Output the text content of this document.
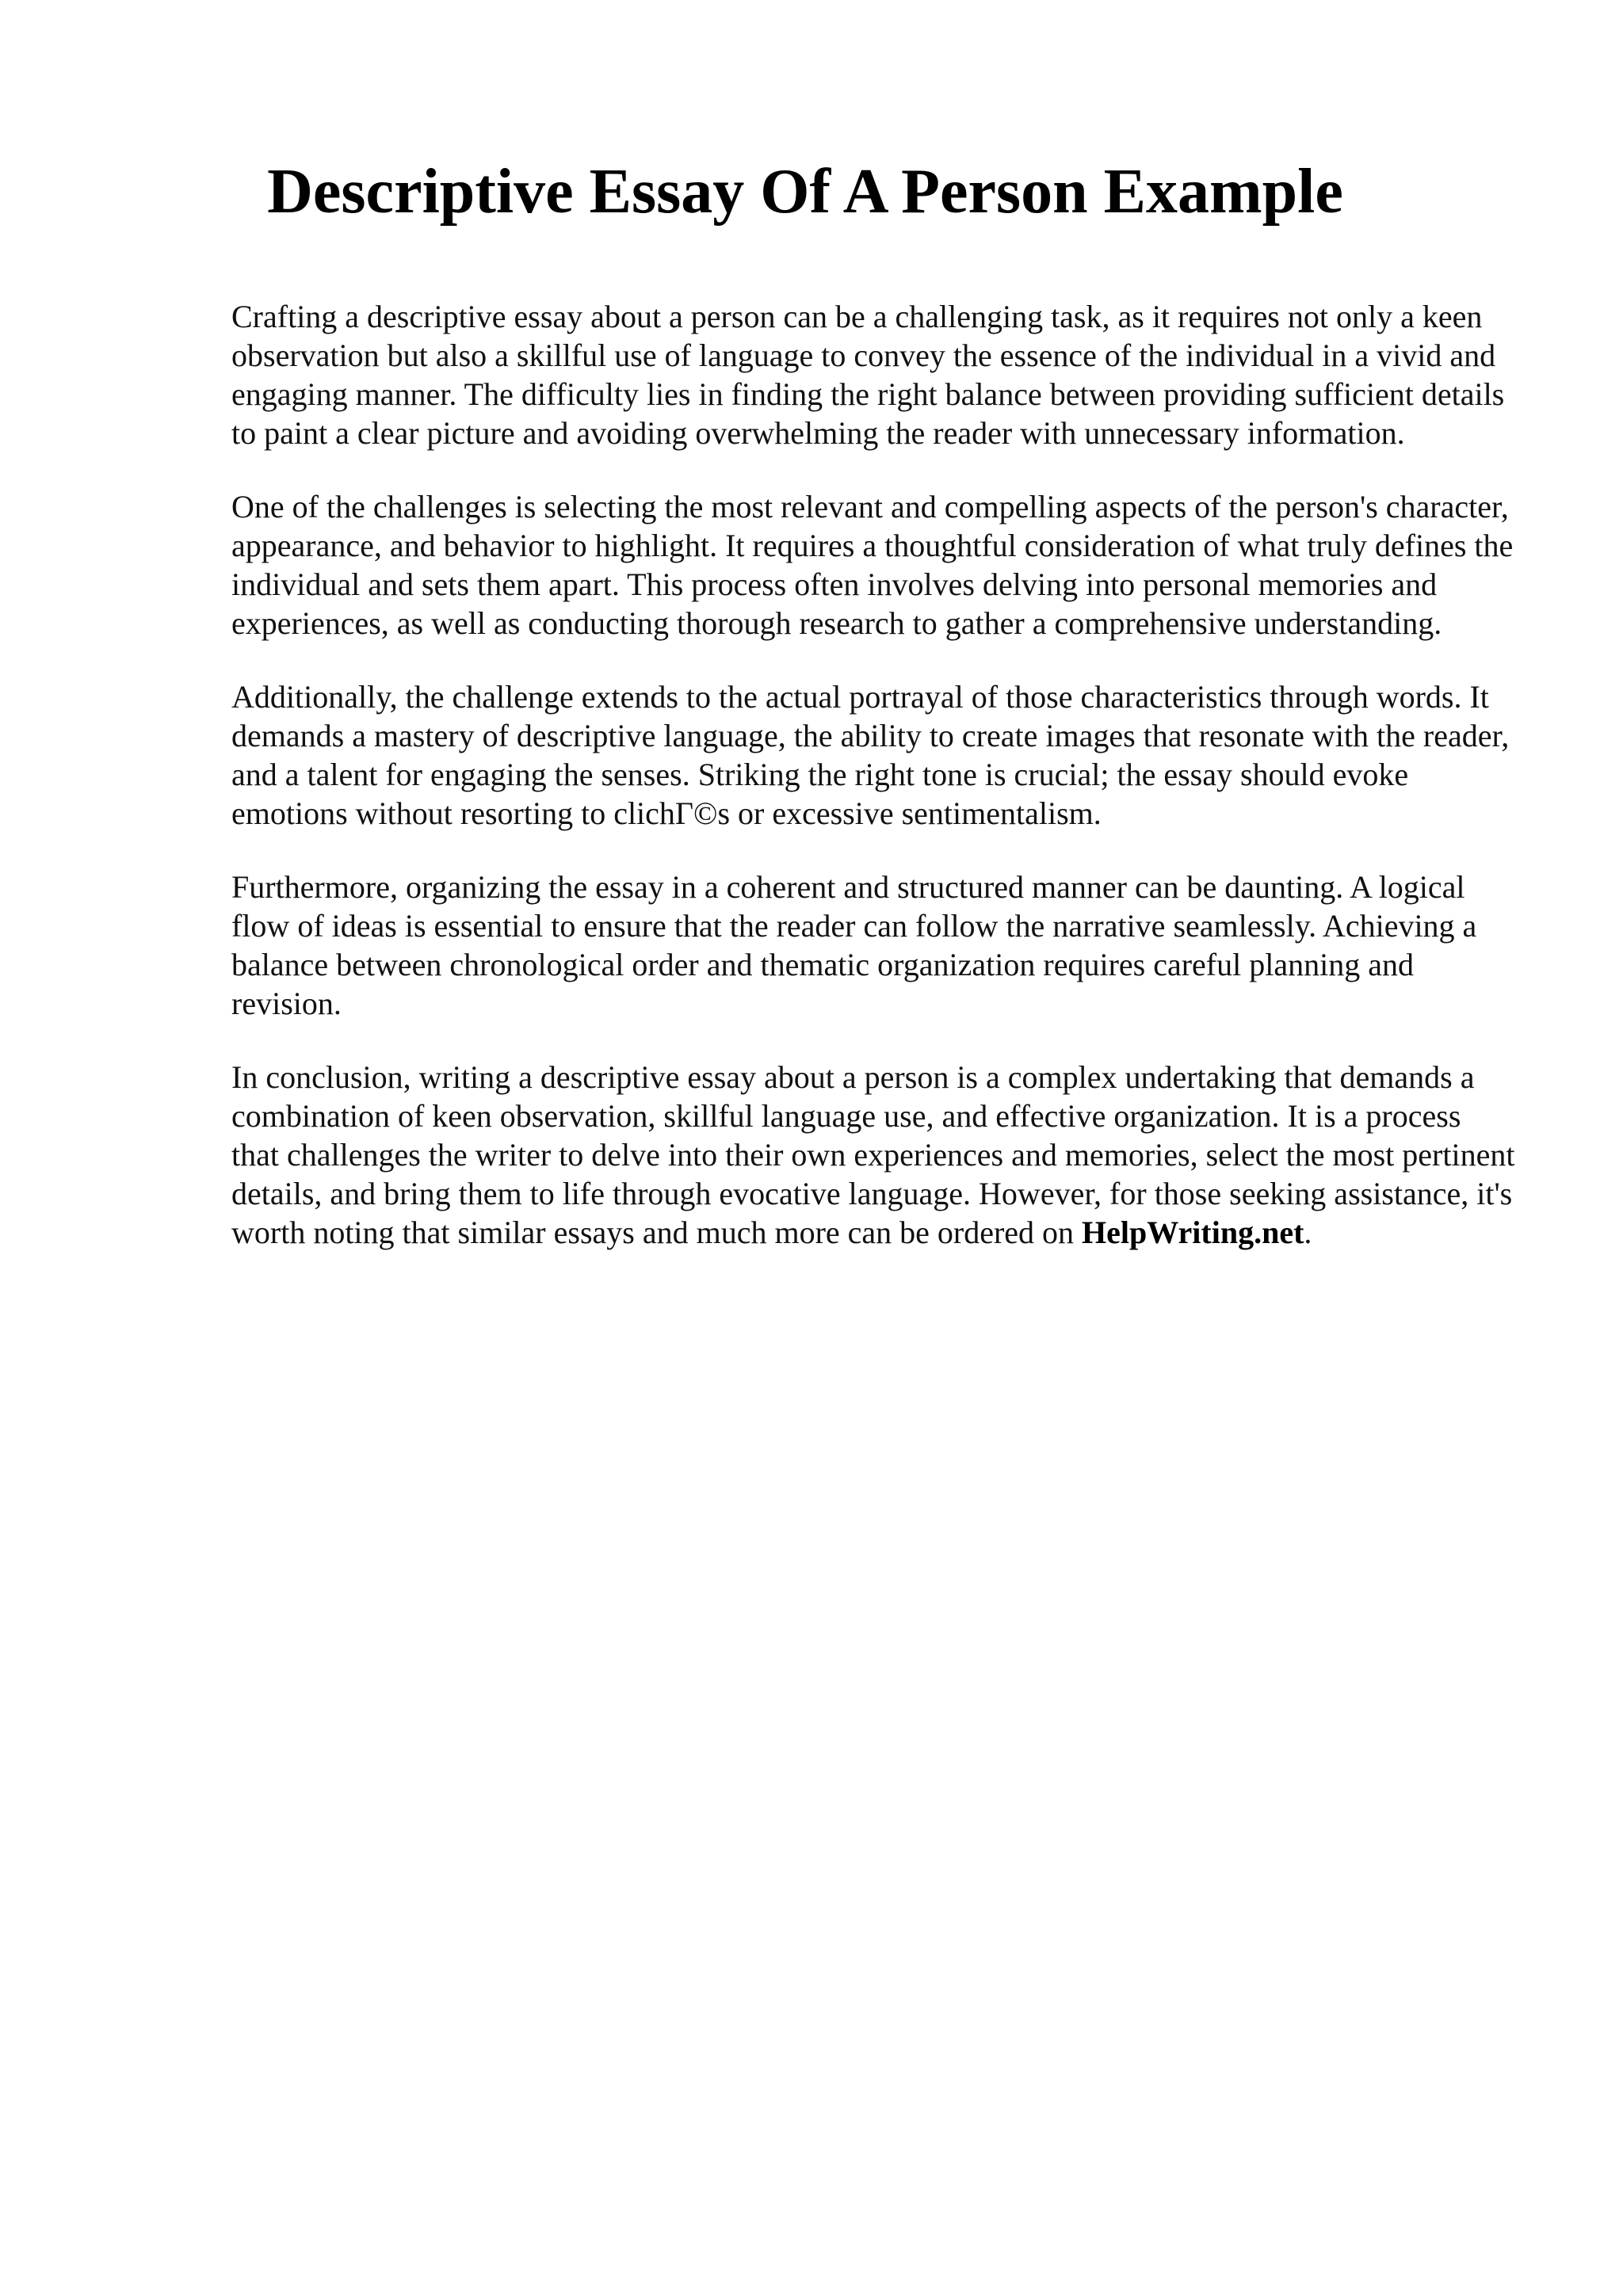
Descriptive Essay Of A Person Example

Crafting a descriptive essay about a person can be a challenging task, as it requires not only a keen observation but also a skillful use of language to convey the essence of the individual in a vivid and engaging manner. The difficulty lies in finding the right balance between providing sufficient details to paint a clear picture and avoiding overwhelming the reader with unnecessary information.

One of the challenges is selecting the most relevant and compelling aspects of the person's character, appearance, and behavior to highlight. It requires a thoughtful consideration of what truly defines the individual and sets them apart. This process often involves delving into personal memories and experiences, as well as conducting thorough research to gather a comprehensive understanding.

Additionally, the challenge extends to the actual portrayal of those characteristics through words. It demands a mastery of descriptive language, the ability to create images that resonate with the reader, and a talent for engaging the senses. Striking the right tone is crucial; the essay should evoke emotions without resorting to clichΓ©s or excessive sentimentalism.

Furthermore, organizing the essay in a coherent and structured manner can be daunting. A logical flow of ideas is essential to ensure that the reader can follow the narrative seamlessly. Achieving a balance between chronological order and thematic organization requires careful planning and revision.

In conclusion, writing a descriptive essay about a person is a complex undertaking that demands a combination of keen observation, skillful language use, and effective organization. It is a process that challenges the writer to delve into their own experiences and memories, select the most pertinent details, and bring them to life through evocative language. However, for those seeking assistance, it's worth noting that similar essays and much more can be ordered on HelpWriting.net.
